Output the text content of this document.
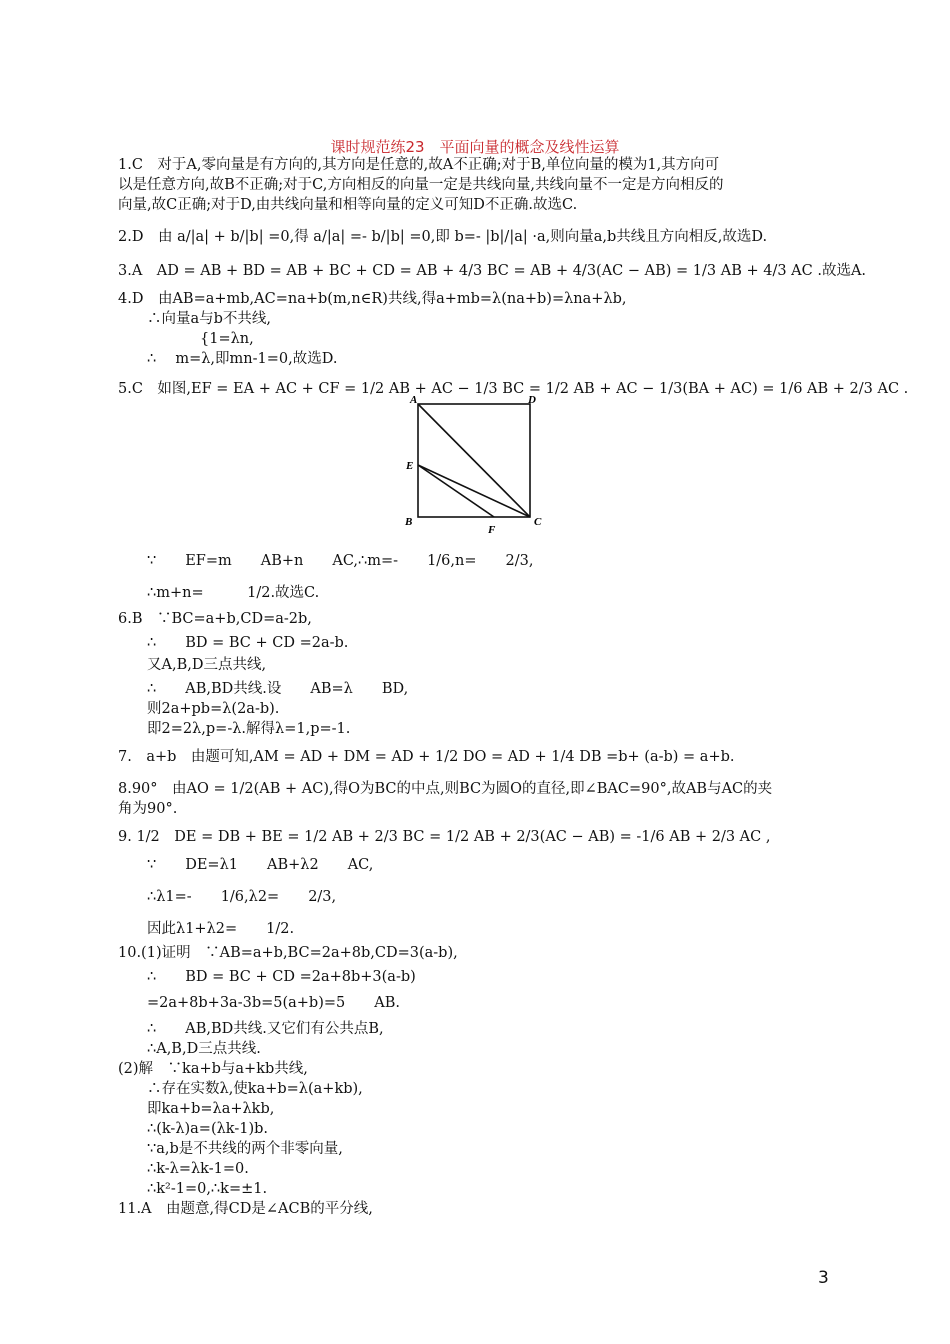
课时规范练23　平面向量的概念及线性运算
1.C　对于A,零向量是有方向的,其方向是任意的,故A不正确;对于B,单位向量的模为1,其方向可
以是任意方向,故B不正确;对于C,方向相反的向量一定是共线向量,共线向量不一定是方向相反的
向量,故C正确;对于D,由共线向量和相等向量的定义可知D不正确.故选C.
2.D　由 a/|a| + b/|b| =0,得 a/|a| =- b/|b| =0,即 b=- |b|/|a| ·a,则向量a,b共线且方向相反,故选D.
3.A　AD = AB + BD = AB + BC + CD = AB + 4/3 BC = AB + 4/3(AC − AB) = 1/3 AB + 4/3 AC .故选A.
4.D　由AB=a+mb,AC=na+b(m,n∈R)共线,得a+mb=λ(na+b)=λna+λb,
∴向量a与b不共线,
{1=λn,
∴　 m=λ,即mn-1=0,故选D.
5.C　如图,EF = EA + AC + CF = 1/2 AB + AC − 1/3 BC = 1/2 AB + AC − 1/3(BA + AC) = 1/6 AB + 2/3 AC .
∵　　EF=m　　AB+n　　AC,∴m=-　　1/6,n=　　2/3,
∴m+n=　　　1/2.故选C.
6.B　∵BC=a+b,CD=a-2b,
∴　　BD = BC + CD =2a-b.
又A,B,D三点共线,
∴　　AB,BD共线.设　　AB=λ　　BD,
则2a+pb=λ(2a-b).
即2=2λ,p=-λ.解得λ=1,p=-1.
7.　a+b　由题可知,AM = AD + DM = AD + 1/2 DO = AD + 1/4 DB =b+ (a-b) = a+b.
8.90°　由AO = 1/2(AB + AC),得O为BC的中点,则BC为圆O的直径,即∠BAC=90°,故AB与AC的夹
角为90°.
9. 1/2　DE = DB + BE = 1/2 AB + 2/3 BC = 1/2 AB + 2/3(AC − AB) = -1/6 AB + 2/3 AC ,
∵　　DE=λ1　　AB+λ2　　AC,
∴λ1=-　　1/6,λ2=　　2/3,
因此λ1+λ2=　　1/2.
10.(1)证明　∵AB=a+b,BC=2a+8b,CD=3(a-b),
∴　　BD = BC + CD =2a+8b+3(a-b)
=2a+8b+3a-3b=5(a+b)=5　　AB.
∴　　AB,BD共线.又它们有公共点B,
∴A,B,D三点共线.
(2)解　∵ka+b与a+kb共线,
∴存在实数λ,使ka+b=λ(a+kb),
即ka+b=λa+λkb,
∴(k-λ)a=(λk-1)b.
∵a,b是不共线的两个非零向量,
∴k-λ=λk-1=0.
∴k²-1=0,∴k=±1.
11.A　由题意,得CD是∠ACB的平分线,
A	D
E
B
F
C
3
